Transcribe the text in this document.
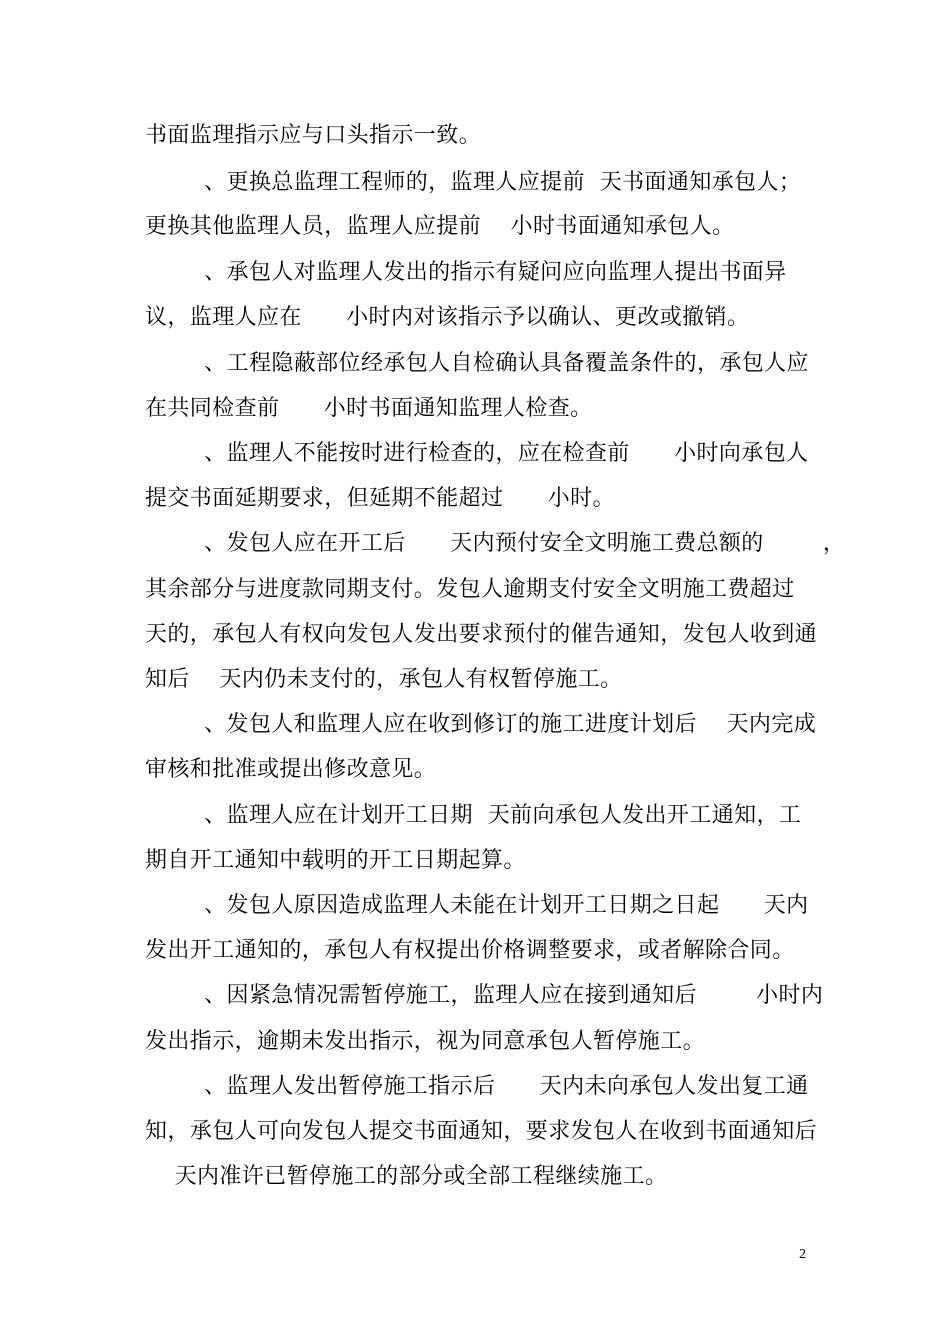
书面监理指示应与口头指示一致。
、更换总监理工程师的，监理人应提前  天书面通知承包人；
更换其他监理人员，监理人应提前    小时书面通知承包人。
、承包人对监理人发出的指示有疑问应向监理人提出书面异
议，监理人应在      小时内对该指示予以确认、更改或撤销。
、工程隐蔽部位经承包人自检确认具备覆盖条件的，承包人应
在共同检查前      小时书面通知监理人检查。
、监理人不能按时进行检查的，应在检查前      小时向承包人
提交书面延期要求，但延期不能超过      小时。
、发包人应在开工后      天内预付安全文明施工费总额的        ，
其余部分与进度款同期支付。发包人逾期支付安全文明施工费超过
天的，承包人有权向发包人发出要求预付的催告通知，发包人收到通
知后    天内仍未支付的，承包人有权暂停施工。
、发包人和监理人应在收到修订的施工进度计划后    天内完成
审核和批准或提出修改意见。
、监理人应在计划开工日期  天前向承包人发出开工通知，工
期自开工通知中载明的开工日期起算。
、发包人原因造成监理人未能在计划开工日期之日起      天内
发出开工通知的，承包人有权提出价格调整要求，或者解除合同。
、因紧急情况需暂停施工，监理人应在接到通知后        小时内
发出指示，逾期未发出指示，视为同意承包人暂停施工。
、监理人发出暂停施工指示后      天内未向承包人发出复工通
知，承包人可向发包人提交书面通知，要求发包人在收到书面通知后
天内准许已暂停施工的部分或全部工程继续施工。
2
